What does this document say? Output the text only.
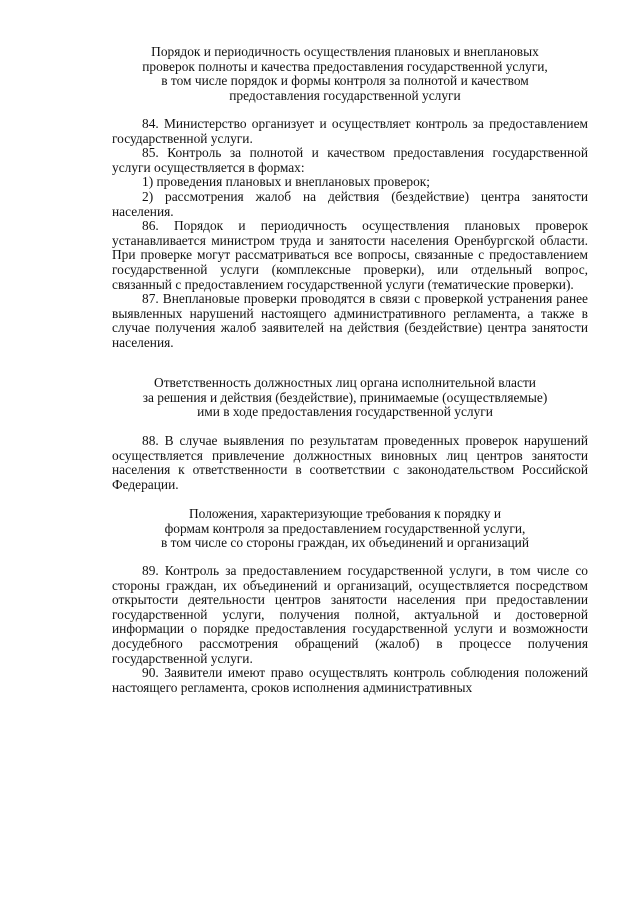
Порядок и периодичность осуществления плановых и внеплановых
проверок полноты и качества предоставления государственной услуги,
в том числе порядок и формы контроля за полнотой и качеством
предоставления государственной услуги

84. Министерство организует и осуществляет контроль за предоставлением государственной услуги.

85. Контроль за полнотой и качеством предоставления государственной услуги осуществляется в формах:

1) проведения плановых и внеплановых проверок;

2) рассмотрения жалоб на действия (бездействие) центра занятости населения.

86. Порядок и периодичность осуществления плановых проверок устанавливается министром труда и занятости населения Оренбургской области. При проверке могут рассматриваться все вопросы, связанные с предоставлением государственной услуги (комплексные проверки), или отдельный вопрос, связанный с предоставлением государственной услуги (тематические проверки).

87. Внеплановые проверки проводятся в связи с проверкой устранения ранее выявленных нарушений настоящего административного регламента, а также в случае получения жалоб заявителей на действия (бездействие) центра занятости населения.

Ответственность должностных лиц органа исполнительной власти
за решения и действия (бездействие), принимаемые (осуществляемые)
ими в ходе предоставления государственной услуги

88. В случае выявления по результатам проведенных проверок нарушений осуществляется привлечение должностных виновных лиц центров занятости населения к ответственности в соответствии с законодательством Российской Федерации.

Положения, характеризующие требования к порядку и
формам контроля за предоставлением государственной услуги,
в том числе со стороны граждан, их объединений и организаций

89. Контроль за предоставлением государственной услуги, в том числе со стороны граждан, их объединений и организаций, осуществляется посредством открытости деятельности центров занятости населения при предоставлении государственной услуги, получения полной, актуальной и достоверной информации о порядке предоставления государственной услуги и возможности досудебного рассмотрения обращений (жалоб) в процессе получения государственной услуги.

90. Заявители имеют право осуществлять контроль соблюдения положений настоящего регламента, сроков исполнения административных
